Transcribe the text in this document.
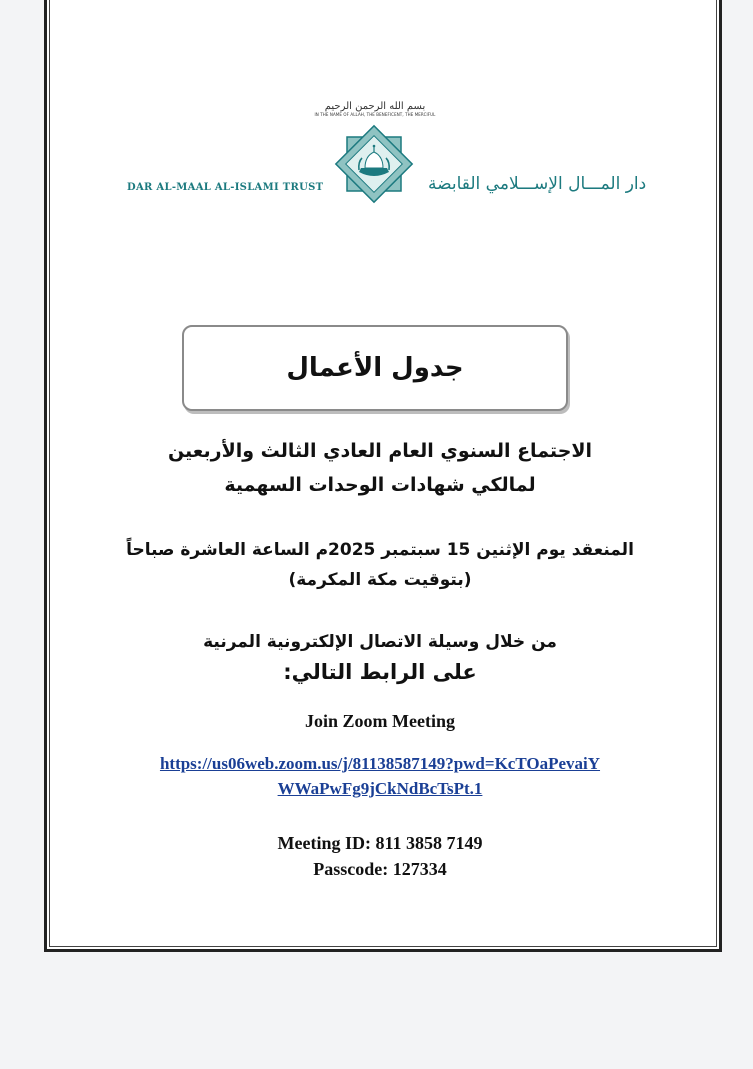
بسم الله الرحمن الرحيم
IN THE NAME OF ALLAH, THE BENEFICENT, THE MERCIFUL
DAR AL-MAAL AL-ISLAMI TRUST	دار المـــال الإســـلامي القابضة
جدول الأعمال
الاجتماع السنوي العام العادي الثالث والأربعين
لمالكي شهادات الوحدات السهمية
المنعقد يوم الإثنين 15 سبتمبر 2025م الساعة العاشرة صباحاً
(بتوقيت مكة المكرمة)
من خلال وسيلة الاتصال الإلكترونية المرنية
على الرابط التالي:
Join Zoom Meeting
https://us06web.zoom.us/j/81138587149?pwd=KcTOaPevaiY
WWaPwFg9jCkNdBcTsPt.1
Meeting ID: 811 3858 7149
Passcode: 127334
